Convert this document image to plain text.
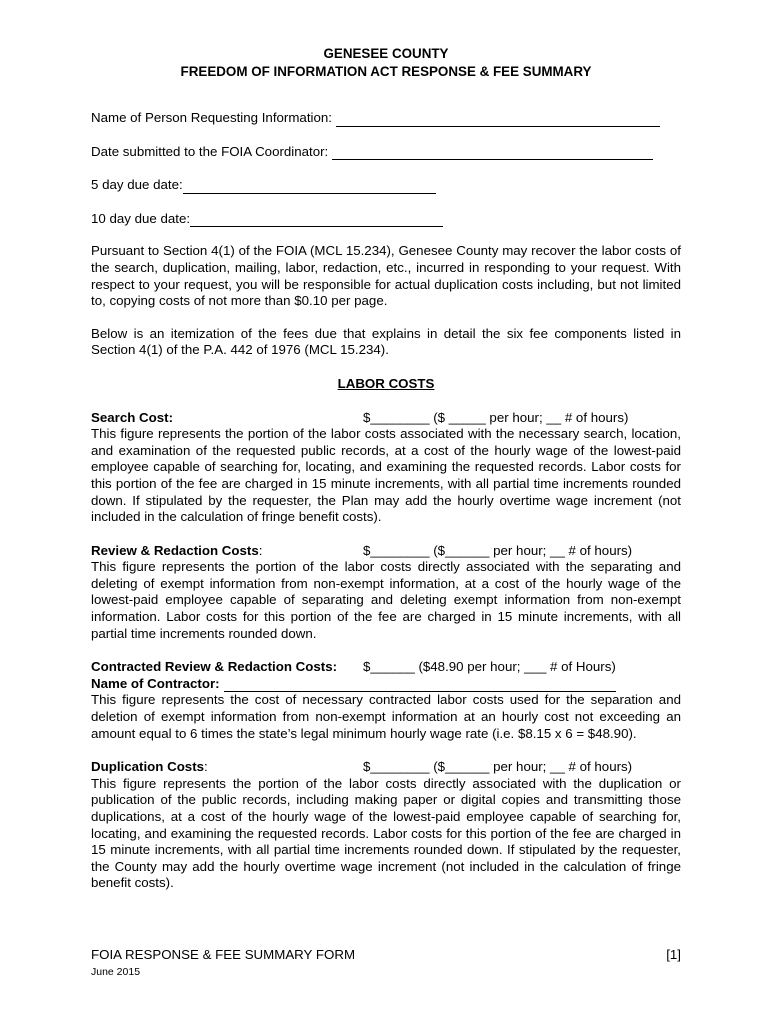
GENESEE COUNTY
FREEDOM OF INFORMATION ACT RESPONSE & FEE SUMMARY
Name of Person Requesting Information:
Date submitted to the FOIA Coordinator:
5 day due date:
10 day due date:
Pursuant to Section 4(1) of the FOIA (MCL 15.234), Genesee County may recover the labor costs of the search, duplication, mailing, labor, redaction, etc., incurred in responding to your request. With respect to your request, you will be responsible for actual duplication costs including, but not limited to, copying costs of not more than $0.10 per page.
Below is an itemization of the fees due that explains in detail the six fee components listed in Section 4(1) of the P.A. 442 of 1976 (MCL 15.234).
LABOR COSTS
Search Cost:	$________ ($ _____ per hour; __ # of hours)
This figure represents the portion of the labor costs associated with the necessary search, location, and examination of the requested public records, at a cost of the hourly wage of the lowest-paid employee capable of searching for, locating, and examining the requested records. Labor costs for this portion of the fee are charged in 15 minute increments, with all partial time increments rounded down. If stipulated by the requester, the Plan may add the hourly overtime wage increment (not included in the calculation of fringe benefit costs).
Review & Redaction Costs:	$________ ($______ per hour; __ # of hours)
This figure represents the portion of the labor costs directly associated with the separating and deleting of exempt information from non-exempt information, at a cost of the hourly wage of the lowest-paid employee capable of separating and deleting exempt information from non-exempt information. Labor costs for this portion of the fee are charged in 15 minute increments, with all partial time increments rounded down.
Contracted Review & Redaction Costs:	$______ ($48.90 per hour; ___ # of Hours)
Name of Contractor:
This figure represents the cost of necessary contracted labor costs used for the separation and deletion of exempt information from non-exempt information at an hourly cost not exceeding an amount equal to 6 times the state’s legal minimum hourly wage rate (i.e. $8.15 x 6 = $48.90).
Duplication Costs:	$________ ($______ per hour; __ # of hours)
This figure represents the portion of the labor costs directly associated with the duplication or publication of the public records, including making paper or digital copies and transmitting those duplications, at a cost of the hourly wage of the lowest-paid employee capable of searching for, locating, and examining the requested records. Labor costs for this portion of the fee are charged in 15 minute increments, with all partial time increments rounded down. If stipulated by the requester, the County may add the hourly overtime wage increment (not included in the calculation of fringe benefit costs).
FOIA RESPONSE & FEE SUMMARY FORM	[1]
June 2015
